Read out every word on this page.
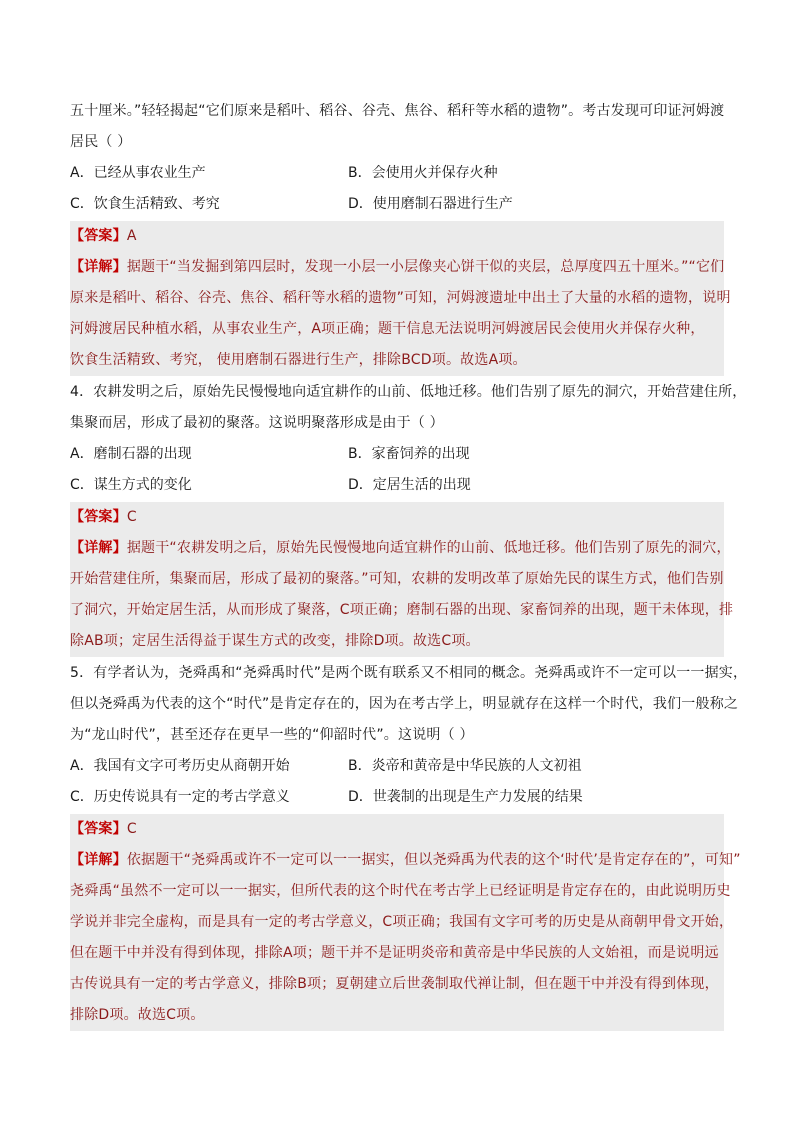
五十厘米。”轻轻揭起“它们原来是稻叶、稻谷、谷壳、焦谷、稻秆等水稻的遗物”。考古发现可印证河姆渡
居民（ ）
A．已经从事农业生产	B．会使用火并保存火种
C．饮食生活精致、考究	D．使用磨制石器进行生产
【答案】A
【详解】据题干“当发掘到第四层时，发现一小层一小层像夹心饼干似的夹层，总厚度四五十厘米。”“它们
原来是稻叶、稻谷、谷壳、焦谷、稻秆等水稻的遗物”可知，河姆渡遗址中出土了大量的水稻的遗物，说明
河姆渡居民种植水稻，从事农业生产，A项正确；题干信息无法说明河姆渡居民会使用火并保存火种，
饮食生活精致、考究， 使用磨制石器进行生产，排除BCD项。故选A项。
4．农耕发明之后，原始先民慢慢地向适宜耕作的山前、低地迁移。他们告别了原先的洞穴，开始营建住所，
集聚而居，形成了最初的聚落。这说明聚落形成是由于（ ）
A．磨制石器的出现	B．家畜饲养的出现
C．谋生方式的变化	D．定居生活的出现
【答案】C
【详解】据题干“农耕发明之后，原始先民慢慢地向适宜耕作的山前、低地迁移。他们告别了原先的洞穴，
开始营建住所，集聚而居，形成了最初的聚落。”可知，农耕的发明改革了原始先民的谋生方式，他们告别
了洞穴，开始定居生活，从而形成了聚落，C项正确；磨制石器的出现、家畜饲养的出现，题干未体现，排
除AB项；定居生活得益于谋生方式的改变，排除D项。故选C项。
5．有学者认为，尧舜禹和“尧舜禹时代”是两个既有联系又不相同的概念。尧舜禹或许不一定可以一一据实，
但以尧舜禹为代表的这个“时代”是肯定存在的，因为在考古学上，明显就存在这样一个时代，我们一般称之
为“龙山时代”，甚至还存在更早一些的“仰韶时代”。这说明（ ）
A．我国有文字可考历史从商朝开始	B．炎帝和黄帝是中华民族的人文初祖
C．历史传说具有一定的考古学意义	D．世袭制的出现是生产力发展的结果
【答案】C
【详解】依据题干“尧舜禹或许不一定可以一一据实，但以尧舜禹为代表的这个‘时代’是肯定存在的”，可知”
尧舜禹“虽然不一定可以一一据实，但所代表的这个时代在考古学上已经证明是肯定存在的，由此说明历史
学说并非完全虚构，而是具有一定的考古学意义，C项正确；我国有文字可考的历史是从商朝甲骨文开始，
但在题干中并没有得到体现，排除A项；题干并不是证明炎帝和黄帝是中华民族的人文始祖，而是说明远
古传说具有一定的考古学意义，排除B项；夏朝建立后世袭制取代禅让制，但在题干中并没有得到体现，
排除D项。故选C项。
